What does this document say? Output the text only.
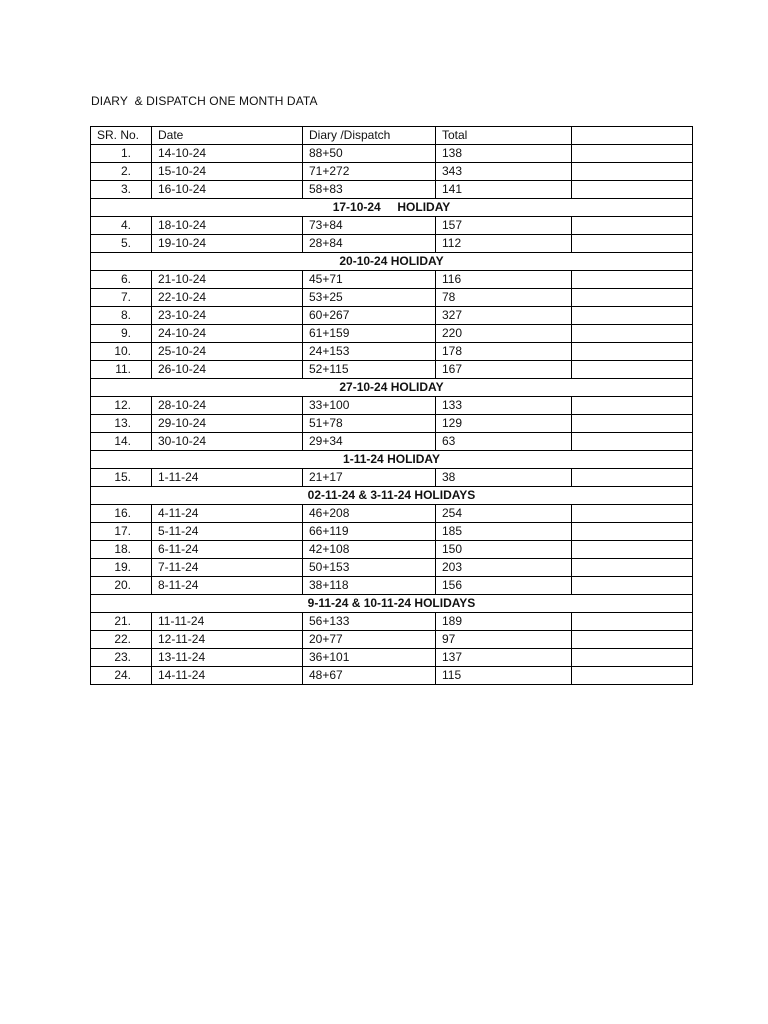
DIARY  & DISPATCH ONE MONTH DATA
SR. No.	Date	Diary /Dispatch	Total	
1.	14-10-24	88+50	138	
2.	15-10-24	71+272	343	
3.	16-10-24	58+83	141	
17-10-24     HOLIDAY				
4.	18-10-24	73+84	157	
5.	19-10-24	28+84	112	
20-10-24 HOLIDAY				
6.	21-10-24	45+71	116	
7.	22-10-24	53+25	78	
8.	23-10-24	60+267	327	
9.	24-10-24	61+159	220	
10.	25-10-24	24+153	178	
11.	26-10-24	52+115	167	
27-10-24 HOLIDAY				
12.	28-10-24	33+100	133	
13.	29-10-24	51+78	129	
14.	30-10-24	29+34	63	
1-11-24 HOLIDAY				
15.	1-11-24	21+17	38	
02-11-24 & 3-11-24 HOLIDAYS				
16.	4-11-24	46+208	254	
17.	5-11-24	66+119	185	
18.	6-11-24	42+108	150	
19.	7-11-24	50+153	203	
20.	8-11-24	38+118	156	
9-11-24 & 10-11-24 HOLIDAYS				
21.	11-11-24	56+133	189	
22.	12-11-24	20+77	97	
23.	13-11-24	36+101	137	
24.	14-11-24	48+67	115	
